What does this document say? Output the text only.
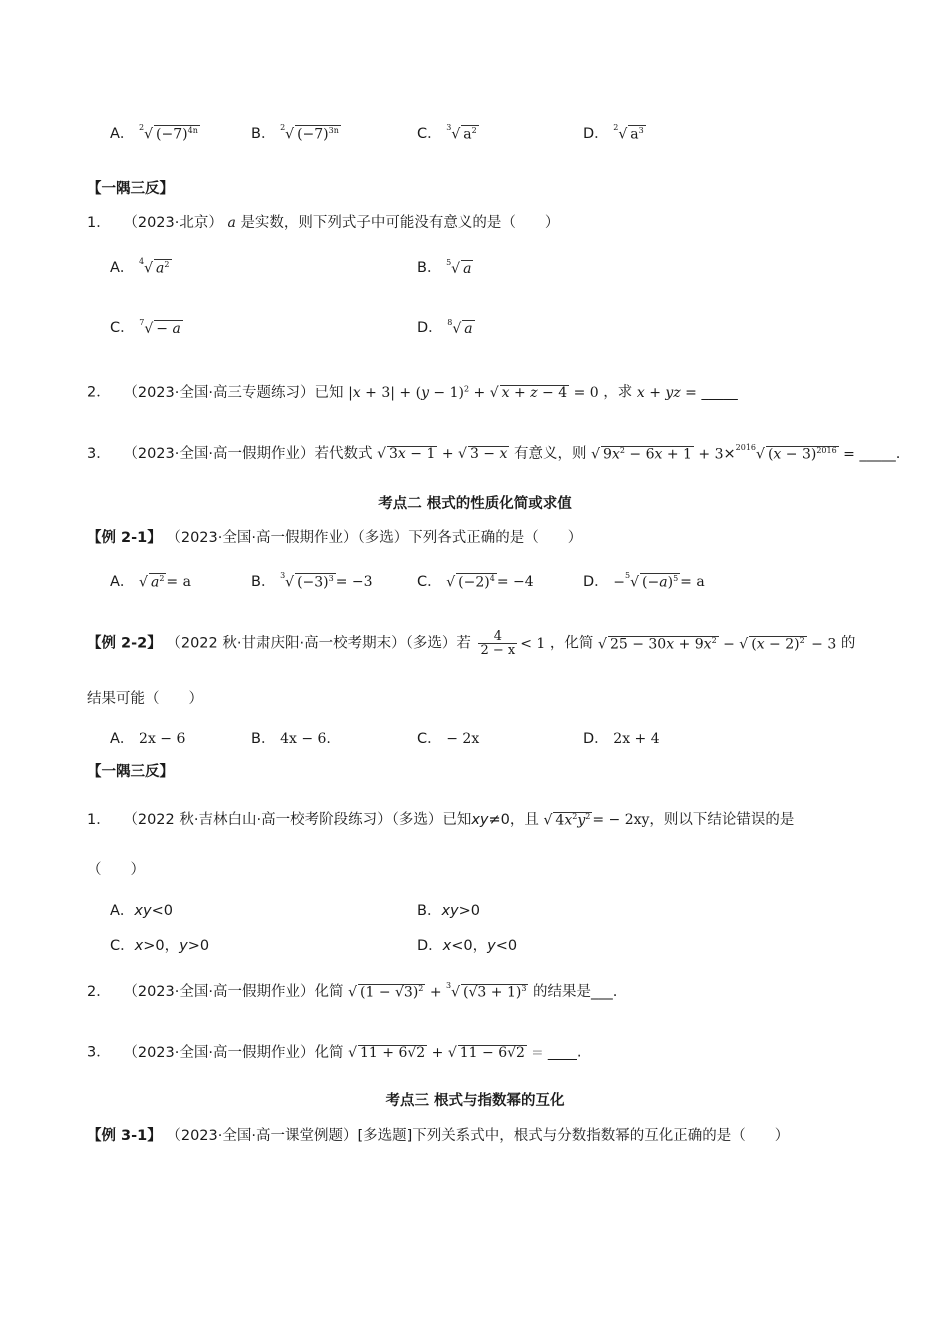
A． $^2$√ $(-7)^{4n}$	B． $^2$√ $(-7)^{3n}$	C． $^3$√ $a^2$	D． $^2$√ $a^3$
【一隅三反】
1． （2023·北京） a 是实数，则下列式子中可能没有意义的是（　　）
A． $^4$√ $a^2$	B． $^5$√ a
C． $^7$√ − a	D． $^8$√ a
2． （2023·全国·高三专题练习）已知 $|x + 3| + (y - 1)^2$ + √ x + z − 4 = 0 ，求 x + yz = _____
3． （2023·全国·高一假期作业）若代数式 √ 3x − 1 + √ 3 − x 有意义，则 √ $9x^2 - 6x + 1 + 3\times^{2016}√$ $(x - 3)^{2016}$ = _____.
考点二 根式的性质化简或求值
【例 2-1】 （2023·全国·高一假期作业）（多选）下列各式正确的是（　　）
A． √ $a^2 = a$	B． $^3$√ $(-3)^3 = -3$	C． √ $(-2)^4 = -4$	D． −$^5$√ $(-a)^5 = a$
【例 2-2】 （2022 秋·甘肃庆阳·高一校考期末）（多选）若 $\frac{4}{2 - x} < 1$ ，化简 √ $25 - 30x + 9x^2$ − √ $(x - 2)^2 - 3$ 的
结果可能（　　）
A． 2x − 6	B． 4x − 6.	C． − 2x	D． 2x + 4
【一隅三反】
1． （2022 秋·吉林白山·高一校考阶段练习）（多选）已知xy≠0，且 √ $4x^2y^2$ = − 2xy，则以下结论错误的是
（　　）
A．xy<0	B．xy>0
C．x>0，y>0	D．x<0，y<0
2． （2023·全国·高一假期作业）化简 √ $(1 - √3)^2 + ^3√$ $(√3 + 1)^3$ 的结果是___.
3． （2023·全国·高一假期作业）化简 √ 11 + 6√2 + √ 11 − 6√2 = ____.
考点三 根式与指数幂的互化
【例 3-1】 （2023·全国·高一课堂例题）[多选题]下列关系式中，根式与分数指数幂的互化正确的是（　　）
